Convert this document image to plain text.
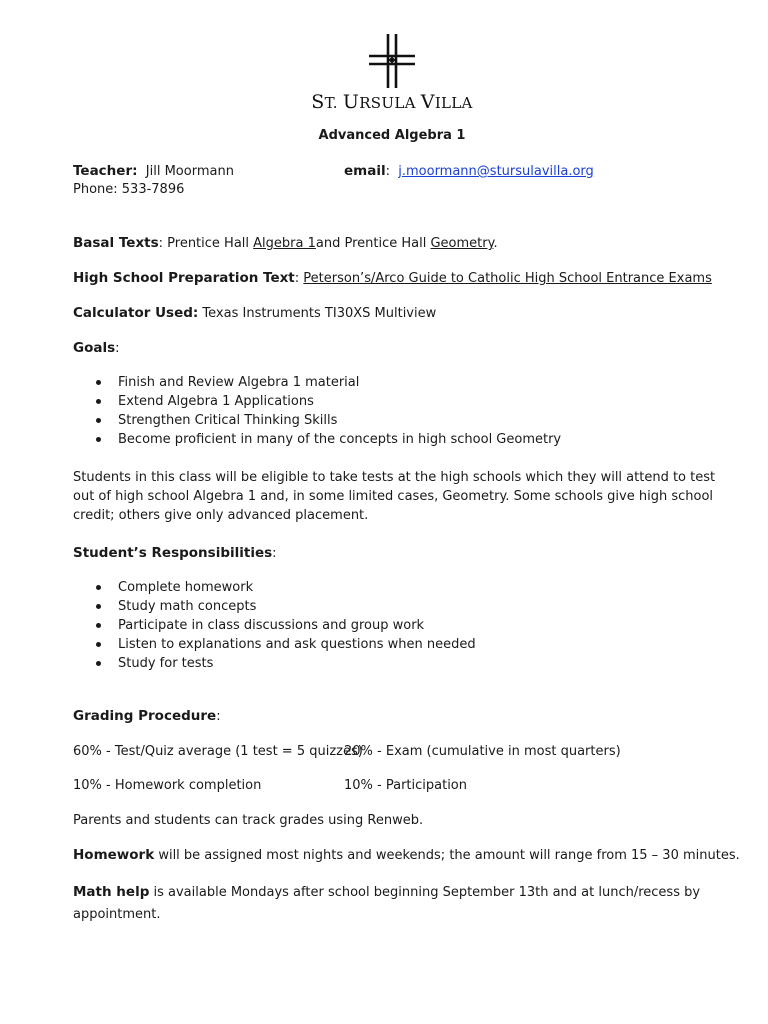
ST. URSULA VILLA
Advanced Algebra 1
Teacher: Jill Moormann	email: j.moormann@stursulavilla.org
Phone: 533-7896
Basal Texts: Prentice Hall Algebra 1and Prentice Hall Geometry.
High School Preparation Text: Peterson’s/Arco Guide to Catholic High School Entrance Exams
Calculator Used: Texas Instruments TI30XS Multiview
Goals:
Finish and Review Algebra 1 material
Extend Algebra 1 Applications
Strengthen Critical Thinking Skills
Become proficient in many of the concepts in high school Geometry
Students in this class will be eligible to take tests at the high schools which they will attend to test out of high school Algebra 1 and, in some limited cases, Geometry. Some schools give high school credit; others give only advanced placement.
Student’s Responsibilities:
Complete homework
Study math concepts
Participate in class discussions and group work
Listen to explanations and ask questions when needed
Study for tests
Grading Procedure:
60% - Test/Quiz average (1 test = 5 quizzes)
20% - Exam (cumulative in most quarters)
10% - Homework completion	10% - Participation
Parents and students can track grades using Renweb.
Homework will be assigned most nights and weekends; the amount will range from 15 – 30 minutes.
Math help is available Mondays after school beginning September 13th and at lunch/recess by appointment.
